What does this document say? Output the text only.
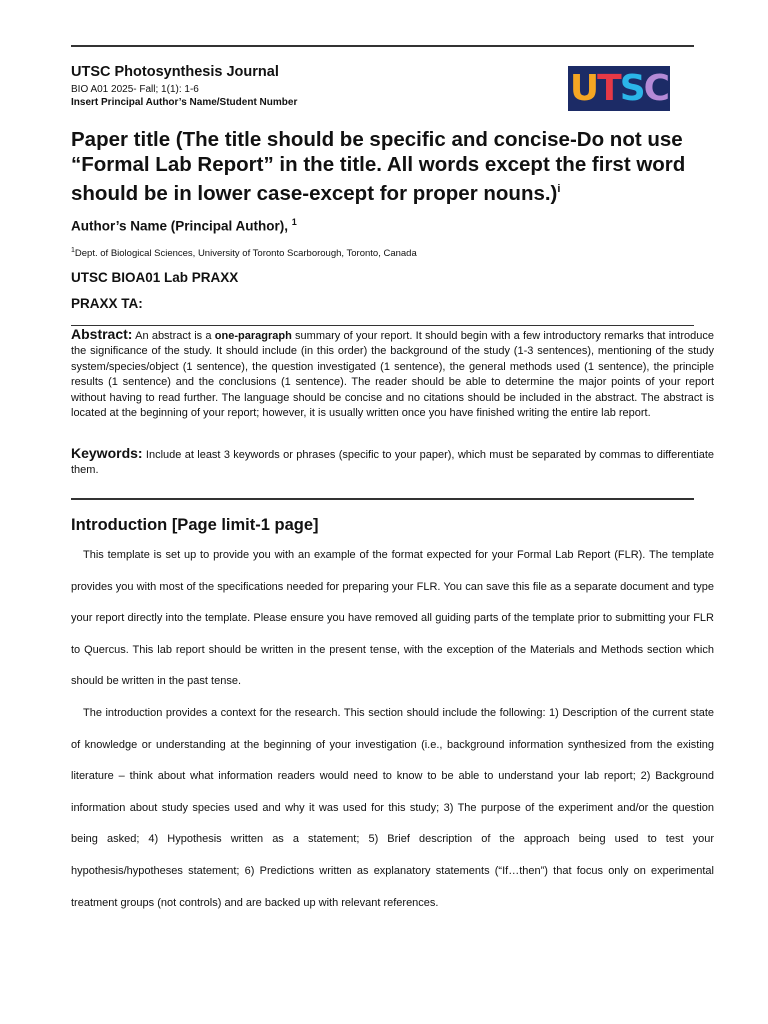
UTSC Photosynthesis Journal
BIO A01 2025- Fall; 1(1): 1-6
Insert Principal Author’s Name/Student Number	U T S C
Paper title (The title should be specific and concise-Do not use “Formal Lab Report” in the title. All words except the first word should be in lower case-except for proper nouns.)$^i$
Author’s Name (Principal Author), $^1$
$^1$Dept. of Biological Sciences, University of Toronto Scarborough, Toronto, Canada
UTSC BIOA01 Lab PRAXX
PRAXX TA:
Abstract: An abstract is a one-paragraph summary of your report. It should begin with a few introductory remarks that introduce the significance of the study. It should include (in this order) the background of the study (1-3 sentences), mentioning of the study system/species/object (1 sentence), the question investigated (1 sentence), the general methods used (1 sentence), the principle results (1 sentence) and the conclusions (1 sentence). The reader should be able to determine the major points of your report without having to read further. The language should be concise and no citations should be included in the abstract. The abstract is located at the beginning of your report; however, it is usually written once you have finished writing the entire lab report.
Keywords: Include at least 3 keywords or phrases (specific to your paper), which must be separated by commas to differentiate them.
Introduction [Page limit-1 page]
This template is set up to provide you with an example of the format expected for your Formal Lab Report (FLR). The template provides you with most of the specifications needed for preparing your FLR. You can save this file as a separate document and type your report directly into the template. Please ensure you have removed all guiding parts of the template prior to submitting your FLR to Quercus. This lab report should be written in the present tense, with the exception of the Materials and Methods section which should be written in the past tense.
The introduction provides a context for the research. This section should include the following: 1) Description of the current state of knowledge or understanding at the beginning of your investigation (i.e., background information synthesized from the existing literature – think about what information readers would need to know to be able to understand your lab report; 2) Background information about study species used and why it was used for this study; 3) The purpose of the experiment and/or the question being asked; 4) Hypothesis written as a statement; 5) Brief description of the approach being used to test your hypothesis/hypotheses statement; 6) Predictions written as explanatory statements (“If…then”) that focus only on experimental treatment groups (not controls) and are backed up with relevant references.
